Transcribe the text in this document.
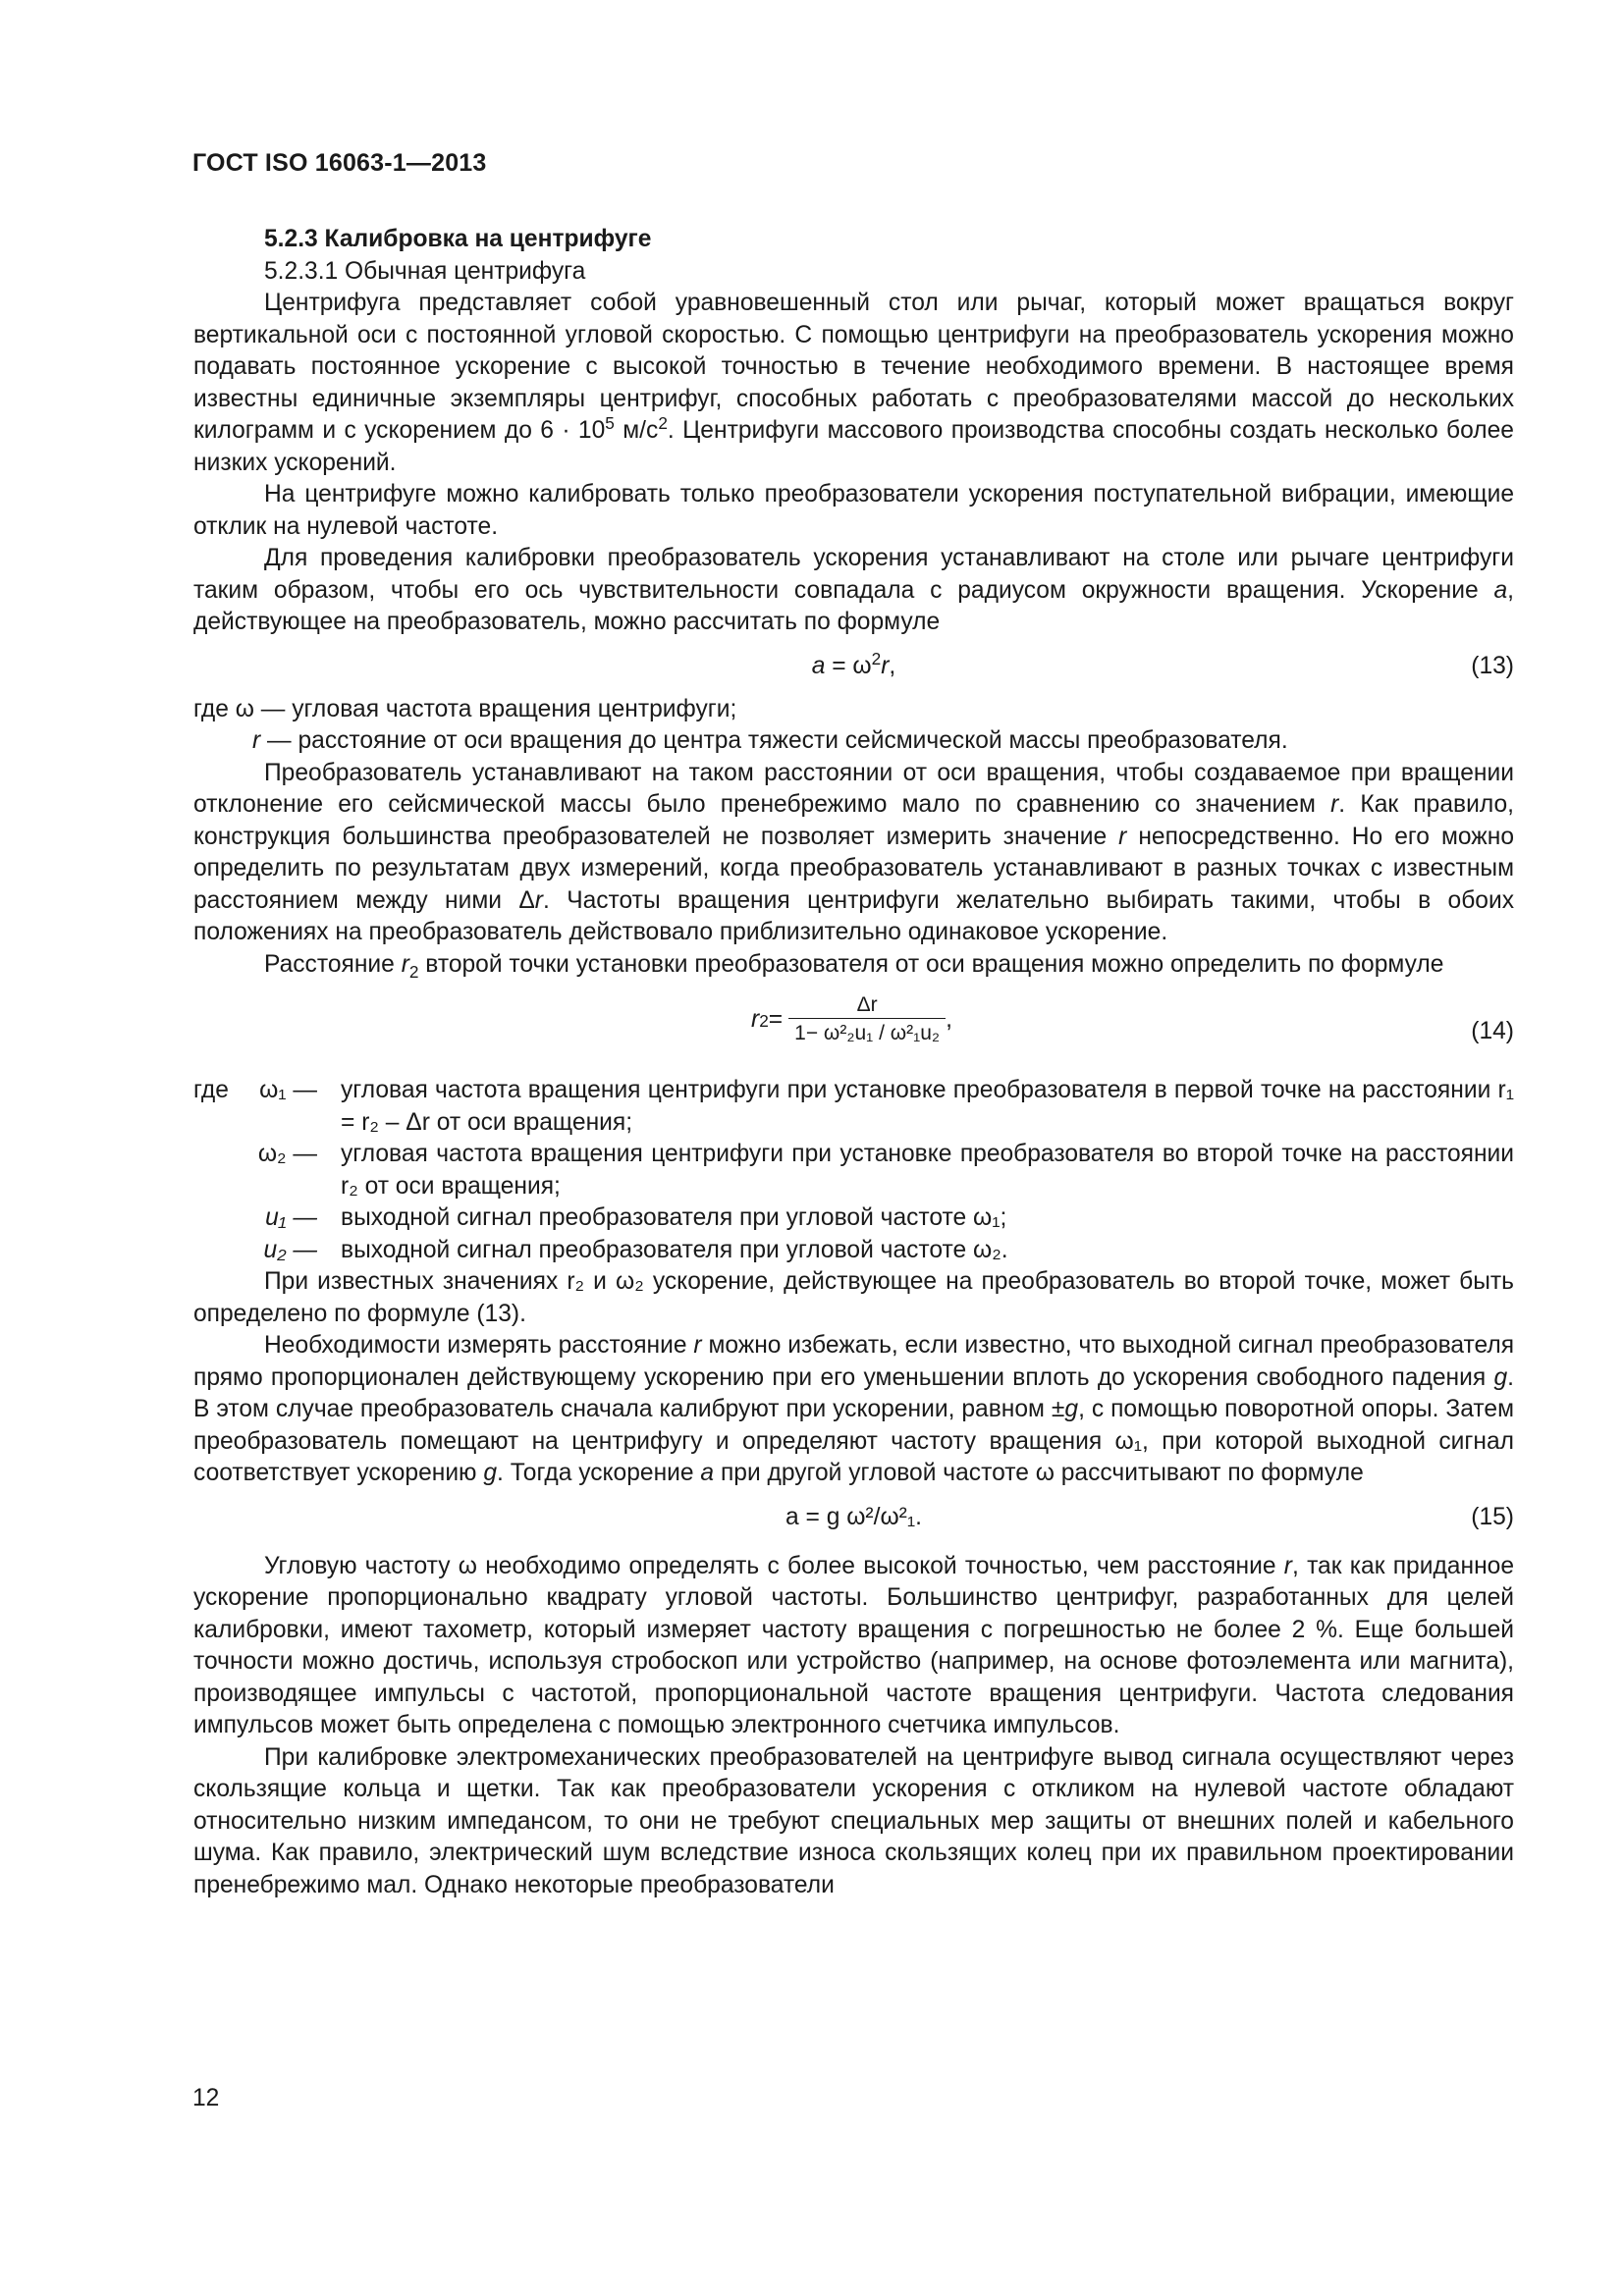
ГОСТ ISO 16063-1—2013

5.2.3 Калибровка на центрифуге

5.2.3.1 Обычная центрифуга

Центрифуга представляет собой уравновешенный стол или рычаг, который может вращаться вокруг вертикальной оси с постоянной угловой скоростью. С помощью центрифуги на преобразователь ускорения можно подавать постоянное ускорение с высокой точностью в течение необходимого времени. В настоящее время известны единичные экземпляры центрифуг, способных работать с преобразователями массой до нескольких килограмм и с ускорением до $6 \cdot 10^5$ $м/с^2$. Центрифуги массового производства способны создать несколько более низких ускорений.

На центрифуге можно калибровать только преобразователи ускорения поступательной вибрации, имеющие отклик на нулевой частоте.

Для проведения калибровки преобразователь ускорения устанавливают на столе или рычаге центрифуги таким образом, чтобы его ось чувствительности совпадала с радиусом окружности вращения. Ускорение a, действующее на преобразователь, можно рассчитать по формуле

$a = \omega^2r$,	(13)

где ω — угловая частота вращения центрифуги;

r — расстояние от оси вращения до центра тяжести сейсмической массы преобразователя.

Преобразователь устанавливают на таком расстоянии от оси вращения, чтобы создаваемое при вращении отклонение его сейсмической массы было пренебрежимо мало по сравнению со значением r. Как правило, конструкция большинства преобразователей не позволяет измерить значение r непосредственно. Но его можно определить по результатам двух измерений, когда преобразователь устанавливают в разных точках с известным расстоянием между ними Δr. Частоты вращения центрифуги желательно выбирать такими, чтобы в обоих положениях на преобразователь действовало приблизительно одинаковое ускорение.

Расстояние $r_2$ второй точки установки преобразователя от оси вращения можно определить по формуле

r $2 = \frac{\Delta r}{\text{1− ω²₂u₁ / ω²₁u₂}}$ ,	(14)
где ω₁ — угловая частота вращения центрифуги при установке преобразователя в первой точке на расстоянии r₁ = r₂ – Δr от оси вращения;
ω₂ — угловая частота вращения центрифуги при установке преобразователя во второй точке на расстоянии r₂ от оси вращения;
u₁ — выходной сигнал преобразователя при угловой частоте ω₁;
u₂ — выходной сигнал преобразователя при угловой частоте ω₂.

При известных значениях r₂ и ω₂ ускорение, действующее на преобразователь во второй точке, может быть определено по формуле (13).

Необходимости измерять расстояние r можно избежать, если известно, что выходной сигнал преобразователя прямо пропорционален действующему ускорению при его уменьшении вплоть до ускорения свободного падения g. В этом случае преобразователь сначала калибруют при ускорении, равном ±g, с помощью поворотной опоры. Затем преобразователь помещают на центрифугу и определяют частоту вращения ω₁, при которой выходной сигнал соответствует ускорению g. Тогда ускорение a при другой угловой частоте ω рассчитывают по формуле

a = g ω²/ω²₁.	(15)

Угловую частоту ω необходимо определять с более высокой точностью, чем расстояние r, так как приданное ускорение пропорционально квадрату угловой частоты. Большинство центрифуг, разработанных для целей калибровки, имеют тахометр, который измеряет частоту вращения с погрешностью не более 2 %. Еще большей точности можно достичь, используя стробоскоп или устройство (например, на основе фотоэлемента или магнита), производящее импульсы с частотой, пропорциональной частоте вращения центрифуги. Частота следования импульсов может быть определена с помощью электронного счетчика импульсов.

При калибровке электромеханических преобразователей на центрифуге вывод сигнала осуществляют через скользящие кольца и щетки. Так как преобразователи ускорения с откликом на нулевой частоте обладают относительно низким импедансом, то они не требуют специальных мер защиты от внешних полей и кабельного шума. Как правило, электрический шум вследствие износа скользящих колец при их правильном проектировании пренебрежимо мал. Однако некоторые преобразователи

12
